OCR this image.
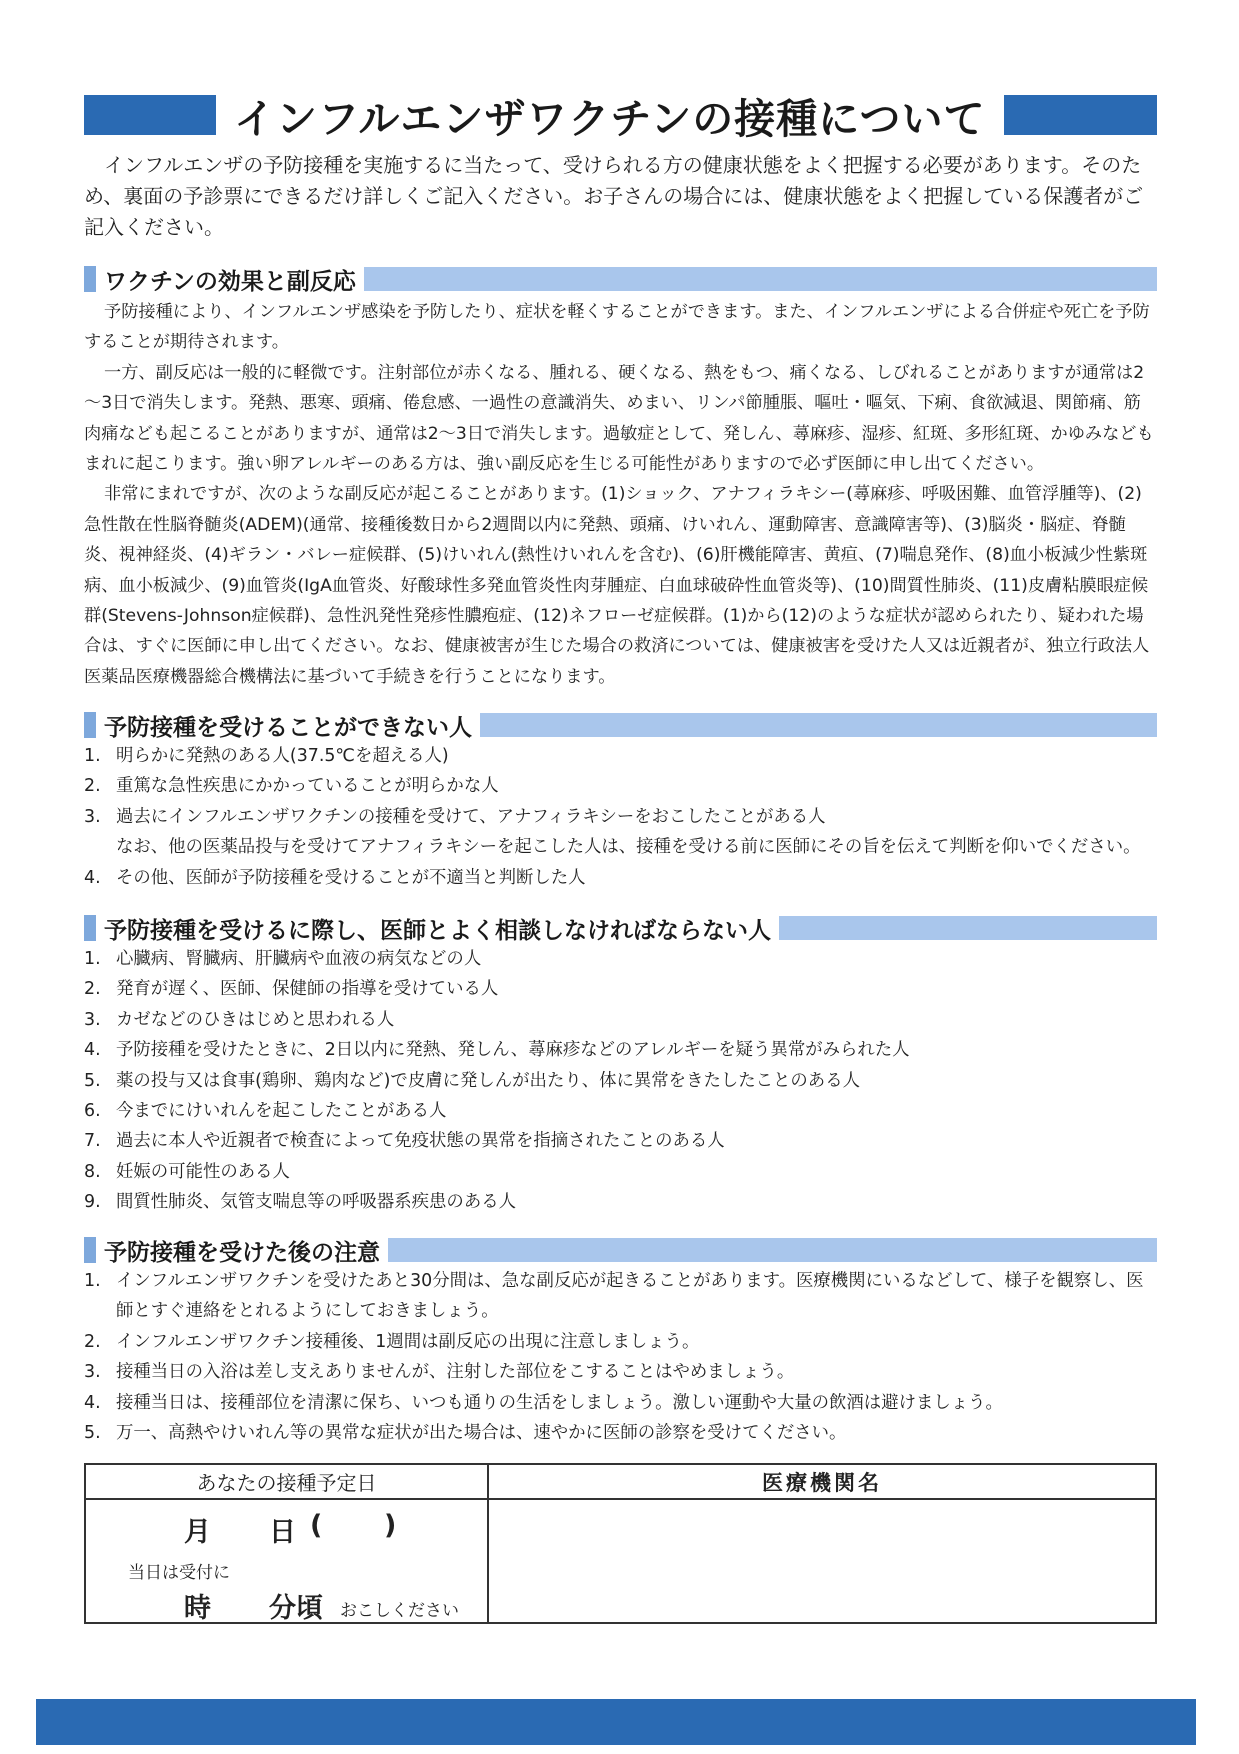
インフルエンザワクチンの接種について
インフルエンザの予防接種を実施するに当たって、受けられる方の健康状態をよく把握する必要があります。そのため、裏面の予診票にできるだけ詳しくご記入ください。お子さんの場合には、健康状態をよく把握している保護者がご記入ください。
ワクチンの効果と副反応

予防接種により、インフルエンザ感染を予防したり、症状を軽くすることができます。また、インフルエンザによる合併症や死亡を予防することが期待されます。

一方、副反応は一般的に軽微です。注射部位が赤くなる、腫れる、硬くなる、熱をもつ、痛くなる、しびれることがありますが通常は2～3日で消失します。発熱、悪寒、頭痛、倦怠感、一過性の意識消失、めまい、リンパ節腫脹、嘔吐・嘔気、下痢、食欲減退、関節痛、筋肉痛なども起こることがありますが、通常は2～3日で消失します。過敏症として、発しん、蕁麻疹、湿疹、紅斑、多形紅斑、かゆみなどもまれに起こります。強い卵アレルギーのある方は、強い副反応を生じる可能性がありますので必ず医師に申し出てください。

非常にまれですが、次のような副反応が起こることがあります。(1)ショック、アナフィラキシー(蕁麻疹、呼吸困難、血管浮腫等)、(2)急性散在性脳脊髄炎(ADEM)(通常、接種後数日から2週間以内に発熱、頭痛、けいれん、運動障害、意識障害等)、(3)脳炎・脳症、脊髄炎、視神経炎、(4)ギラン・バレー症候群、(5)けいれん(熱性けいれんを含む)、(6)肝機能障害、黄疸、(7)喘息発作、(8)血小板減少性紫斑病、血小板減少、(9)血管炎(IgA血管炎、好酸球性多発血管炎性肉芽腫症、白血球破砕性血管炎等)、(10)間質性肺炎、(11)皮膚粘膜眼症候群(Stevens-Johnson症候群)、急性汎発性発疹性膿疱症、(12)ネフローゼ症候群。(1)から(12)のような症状が認められたり、疑われた場合は、すぐに医師に申し出てください。なお、健康被害が生じた場合の救済については、健康被害を受けた人又は近親者が、独立行政法人　医薬品医療機器総合機構法に基づいて手続きを行うことになります。

予防接種を受けることができない人
1. 明らかに発熱のある人(37.5℃を超える人)
2. 重篤な急性疾患にかかっていることが明らかな人
3. 過去にインフルエンザワクチンの接種を受けて、アナフィラキシーをおこしたことがある人
なお、他の医薬品投与を受けてアナフィラキシーを起こした人は、接種を受ける前に医師にその旨を伝えて判断を仰いでください。
4. その他、医師が予防接種を受けることが不適当と判断した人
予防接種を受けるに際し、医師とよく相談しなければならない人
1. 心臓病、腎臓病、肝臓病や血液の病気などの人
2. 発育が遅く、医師、保健師の指導を受けている人
3. カゼなどのひきはじめと思われる人
4. 予防接種を受けたときに、2日以内に発熱、発しん、蕁麻疹などのアレルギーを疑う異常がみられた人
5. 薬の投与又は食事(鶏卵、鶏肉など)で皮膚に発しんが出たり、体に異常をきたしたことのある人
6. 今までにけいれんを起こしたことがある人
7. 過去に本人や近親者で検査によって免疫状態の異常を指摘されたことのある人
8. 妊娠の可能性のある人
9. 間質性肺炎、気管支喘息等の呼吸器系疾患のある人
予防接種を受けた後の注意
1. インフルエンザワクチンを受けたあと30分間は、急な副反応が起きることがあります。医療機関にいるなどして、様子を観察し、医師とすぐ連絡をとれるようにしておきましょう。
2. インフルエンザワクチン接種後、1週間は副反応の出現に注意しましょう。
3. 接種当日の入浴は差し支えありませんが、注射した部位をこすることはやめましょう。
4. 接種当日は、接種部位を清潔に保ち、いつも通りの生活をしましょう。激しい運動や大量の飲酒は避けましょう。
5. 万一、高熱やけいれん等の異常な症状が出た場合は、速やかに医師の診察を受けてください。
あなたの接種予定日
月 日 ( )
当日は受付に
時 分頃 おこしください
医療機関名
